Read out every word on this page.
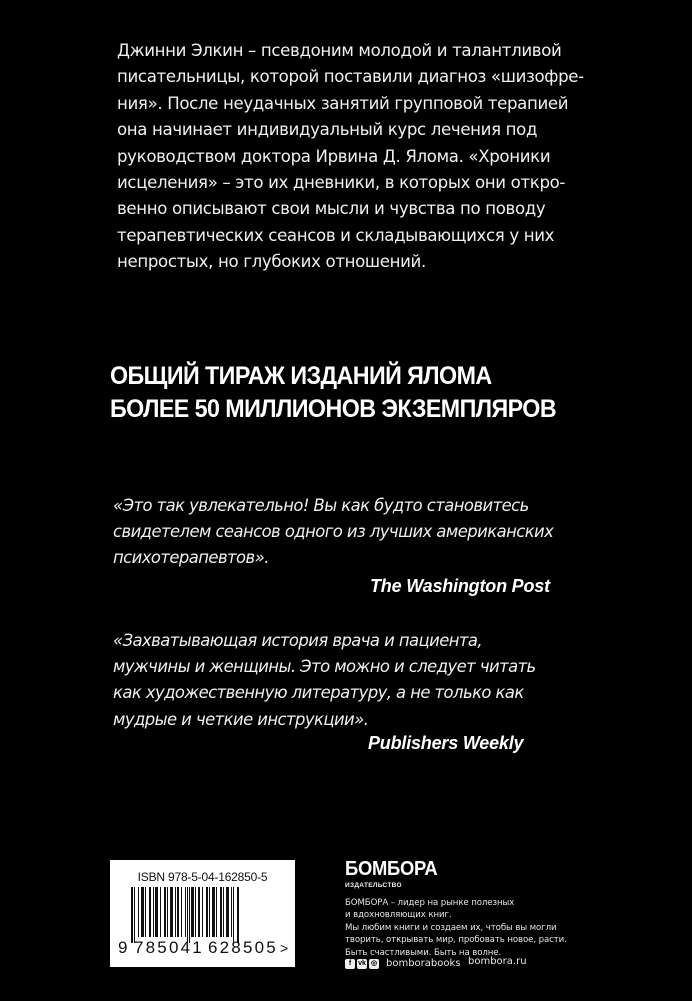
Джинни Элкин – псевдоним молодой и талантливой
писательницы, которой поставили диагноз «шизофре-
ния». После неудачных занятий групповой терапией
она начинает индивидуальный курс лечения под
руководством доктора Ирвина Д. Ялома. «Хроники
исцеления» – это их дневники, в которых они откро-
венно описывают свои мысли и чувства по поводу
терапевтических сеансов и складывающихся у них
непростых, но глубоких отношений.
ОБЩИЙ ТИРАЖ ИЗДАНИЙ ЯЛОМА
БОЛЕЕ 50 МИЛЛИОНОВ ЭКЗЕМПЛЯРОВ
«Это так увлекательно! Вы как будто становитесь
свидетелем сеансов одного из лучших американских
психотерапевтов».
The Washington Post
«Захватывающая история врача и пациента,
мужчины и женщины. Это можно и следует читать
как художественную литературу, а не только как
мудрые и четкие инструкции».
Publishers Weekly
ISBN 978-5-04-162850-5
9 785041 628505 >
БОМБОРА
ИЗДАТЕЛЬСТВО
БОМБОРА – лидер на рынке полезных
и вдохновляющих книг.
Мы любим книги и создаем их, чтобы вы могли
творить, открывать мир, пробовать новое, расти.
Быть счастливыми. Быть на волне.
f vk ◎ bomborabooks bombora.ru
